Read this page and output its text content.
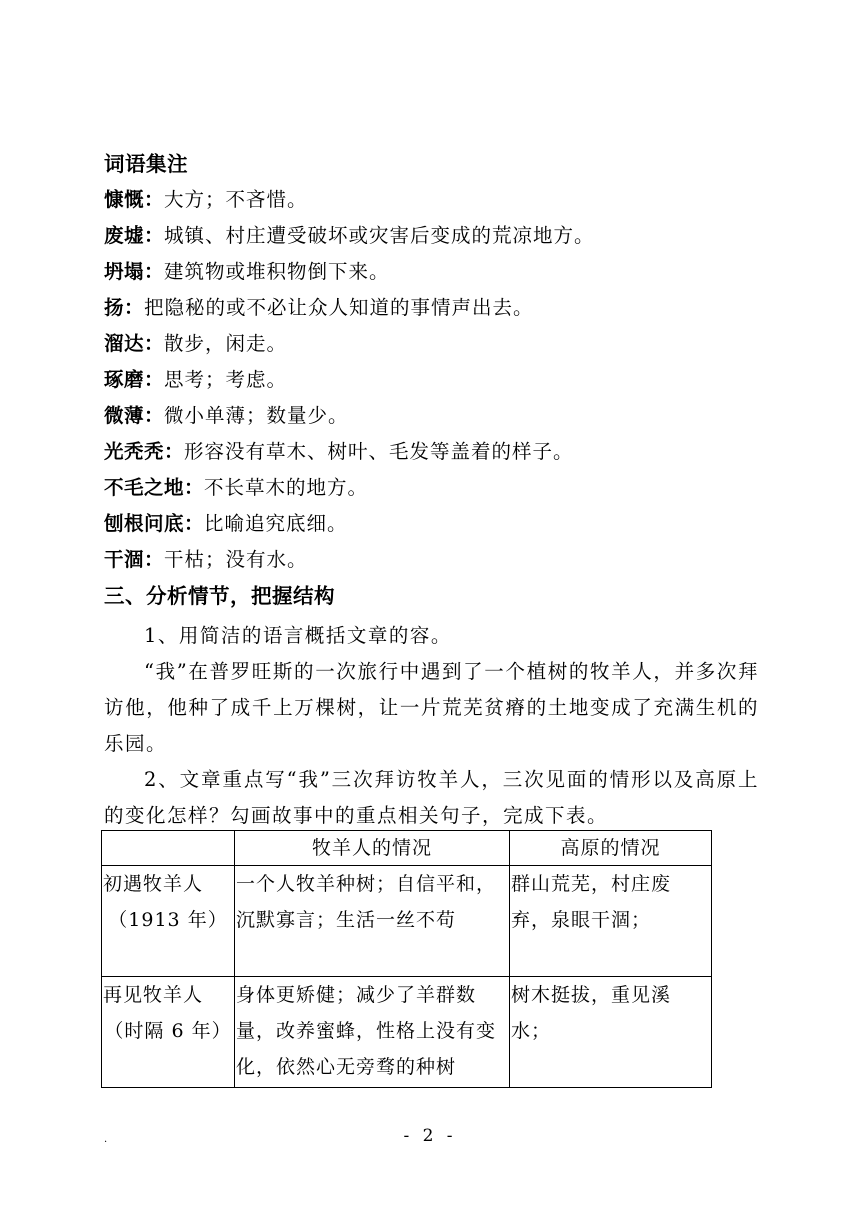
词语集注
慷慨：大方；不吝惜。
废墟：城镇、村庄遭受破坏或灾害后变成的荒凉地方。
坍塌：建筑物或堆积物倒下来。
扬：把隐秘的或不必让众人知道的事情声出去。
溜达：散步，闲走。
琢磨：思考；考虑。
微薄：微小单薄；数量少。
光秃秃：形容没有草木、树叶、毛发等盖着的样子。
不毛之地：不长草木的地方。
刨根问底：比喻追究底细。
干涸：干枯；没有水。
三、分析情节，把握结构
1、用简洁的语言概括文章的容。
“我”在普罗旺斯的一次旅行中遇到了一个植树的牧羊人，并多次拜访他，他种了成千上万棵树，让一片荒芜贫瘠的土地变成了充满生机的乐园。
2、文章重点写“我”三次拜访牧羊人，三次见面的情形以及高原上的变化怎样？勾画故事中的重点相关句子，完成下表。
	牧羊人的情况	高原的情况

初遇牧羊人
（1913 年）	一个人牧羊种树；自信平和，沉默寡言；生活一丝不苟	群山荒芜，村庄废弃，泉眼干涸；

再见牧羊人
（时隔 6 年）	身体更矫健；减少了羊群数量，改养蜜蜂，性格上没有变化，依然心无旁骛的种树	树木挺拔，重见溪水；
.	- 2 -
